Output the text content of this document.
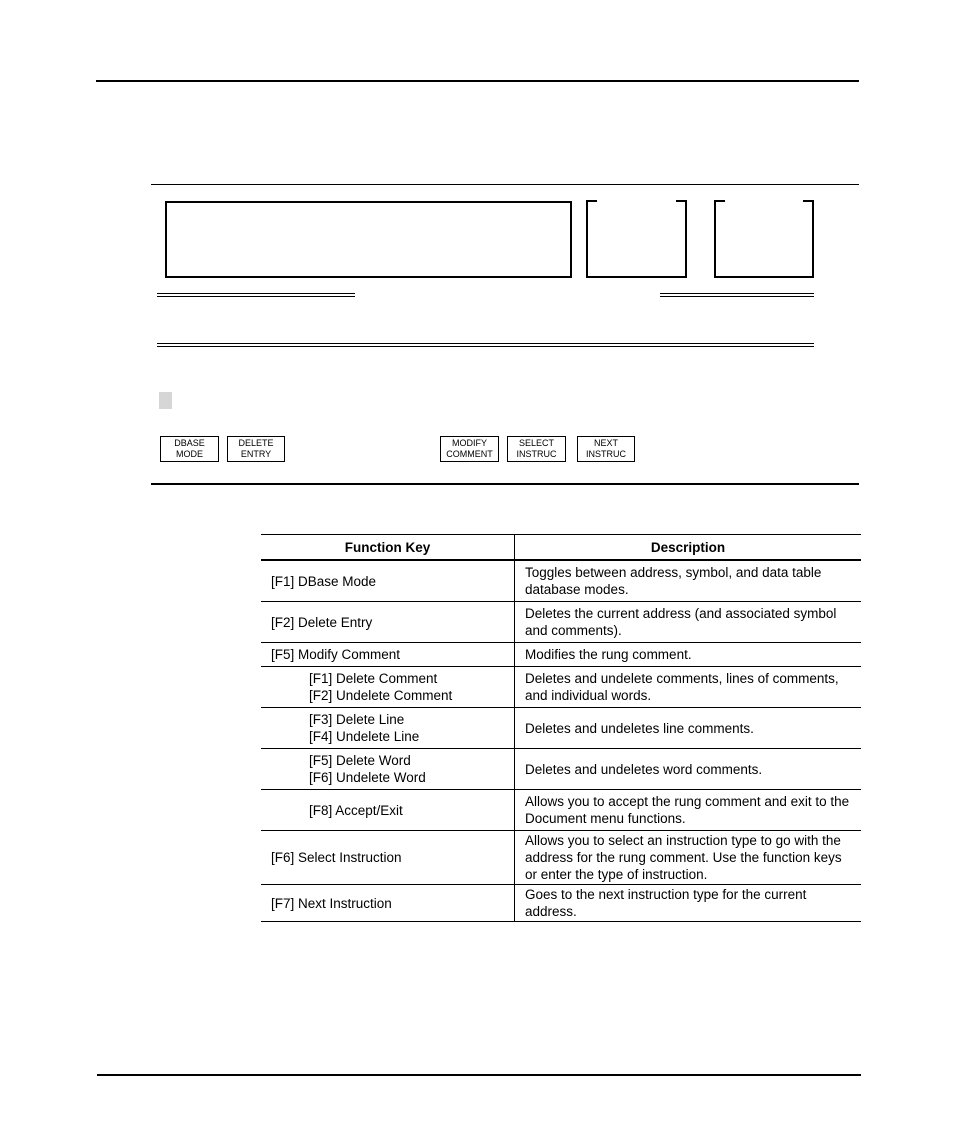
DBASE
MODE
DELETE
ENTRY
MODIFY
COMMENT
SELECT
INSTRUC
NEXT
INSTRUC
Function Key	Description
[F1] DBase Mode	Toggles between address, symbol, and data table database modes.
[F2] Delete Entry	Deletes the current address (and associated symbol and comments).
[F5] Modify Comment	Modifies the rung comment.

[F1] Delete Comment
[F2] Undelete Comment	Deletes and undelete comments, lines of comments, and individual words.

[F3] Delete Line
[F4] Undelete Line	Deletes and undeletes line comments.

[F5] Delete Word
[F6] Undelete Word	Deletes and undeletes word comments.
[F8] Accept/Exit	Allows you to accept the rung comment and exit to the Document menu functions.
[F6] Select Instruction	Allows you to select an instruction type to go with the address for the rung comment. Use the function keys or enter the type of instruction.
[F7] Next Instruction	Goes to the next instruction type for the current address.
